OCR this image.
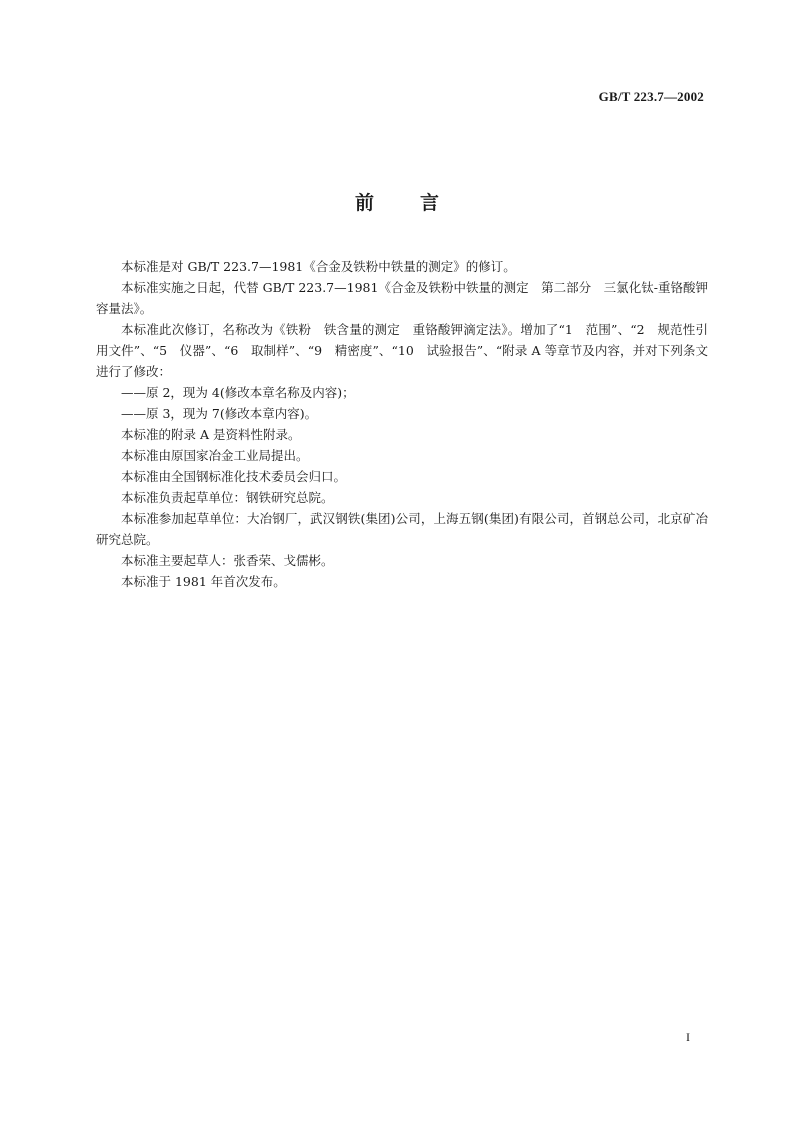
GB/T 223.7—2002
前言

本标准是对 GB/T 223.7—1981《合金及铁粉中铁量的测定》的修订。

本标准实施之日起，代替 GB/T 223.7—1981《合金及铁粉中铁量的测定　第二部分　三氯化钛-重铬酸钾容量法》。

本标准此次修订，名称改为《铁粉　铁含量的测定　重铬酸钾滴定法》。增加了“1　范围”、“2　规范性引用文件”、“5　仪器”、“6　取制样”、“9　精密度”、“10　试验报告”、“附录 A 等章节及内容，并对下列条文进行了修改：

——原 2，现为 4(修改本章名称及内容)；

——原 3，现为 7(修改本章内容)。

本标准的附录 A 是资料性附录。

本标准由原国家冶金工业局提出。

本标准由全国钢标准化技术委员会归口。

本标准负责起草单位：钢铁研究总院。

本标准参加起草单位：大冶钢厂，武汉钢铁(集团)公司，上海五钢(集团)有限公司，首钢总公司，北京矿冶研究总院。

本标准主要起草人：张香荣、戈儒彬。

本标准于 1981 年首次发布。

I
